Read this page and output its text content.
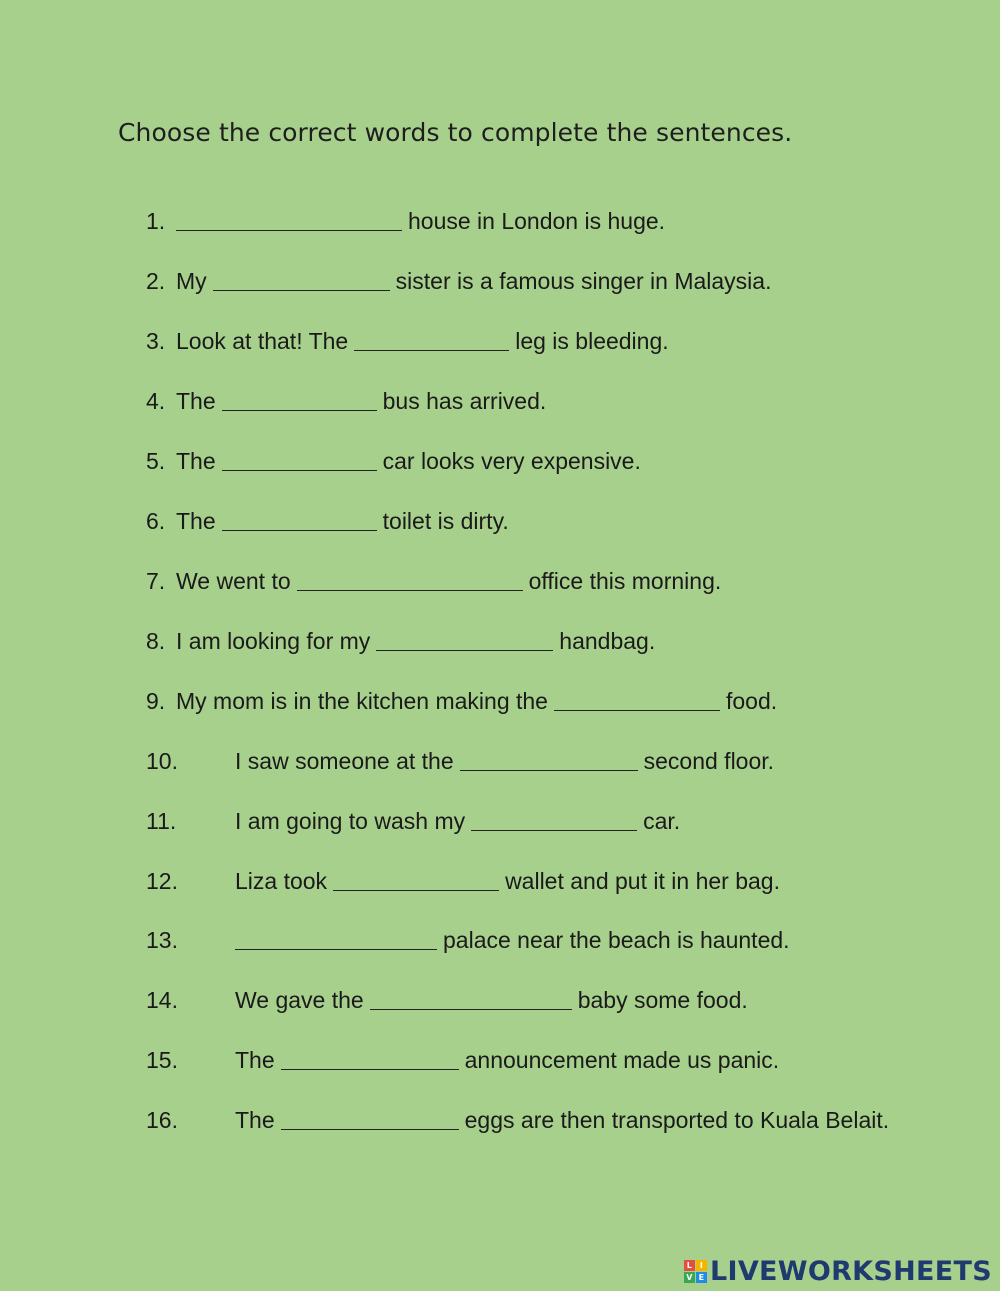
Choose the correct words to complete the sentences.
1.	house in London is huge.
2. My	sister is a famous singer in Malaysia.
3. Look at that! The	leg is bleeding.
4. The	bus has arrived.
5. The	car looks very expensive.
6. The	toilet is dirty.
7. We went to	office this morning.
8. I am looking for my	handbag.
9. My mom is in the kitchen making the	food.
10.	I saw someone at the	second floor.
11.	I am going to wash my	car.
12.	Liza took	wallet and put it in her bag.
13.	palace near the beach is haunted.
14.	We gave the	baby some food.
15.	The	announcement made us panic.
16.	The	eggs are then transported to Kuala Belait.
L I
V E LIVEWORKSHEETS
